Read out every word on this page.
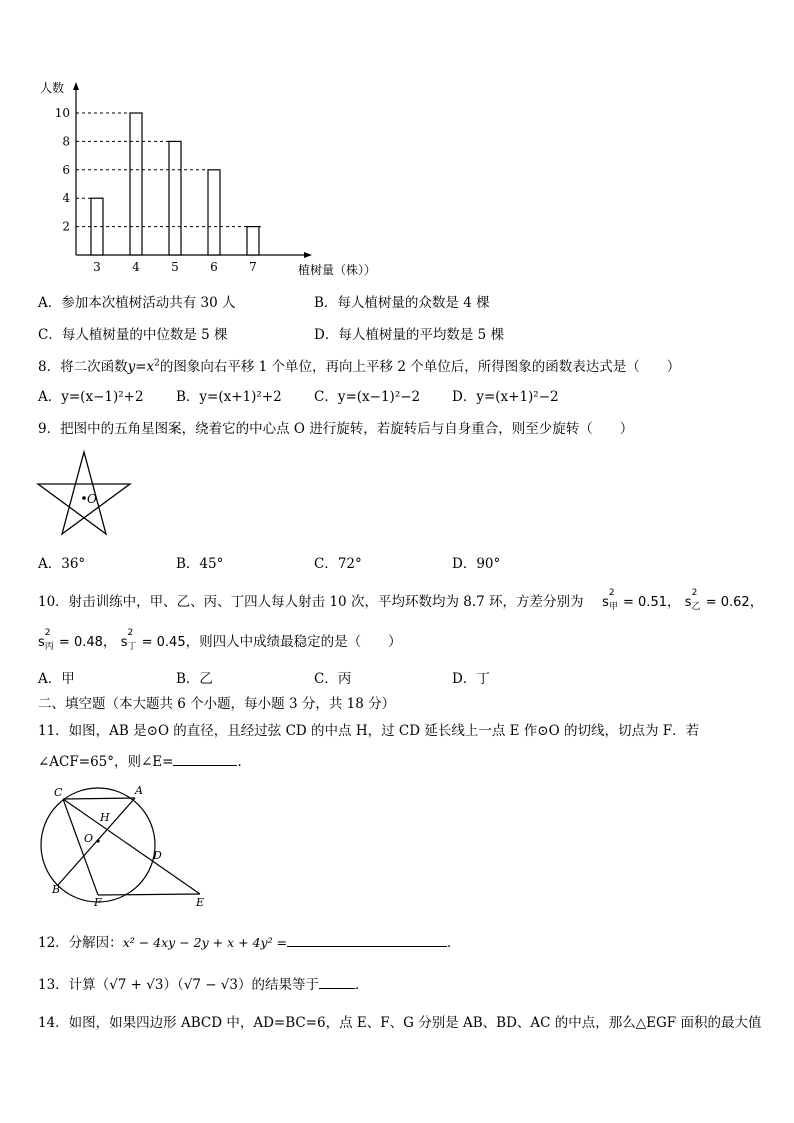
人数
植树量（株））
4
3
10
4
8
5
6
6
2
7
A．参加本次植树活动共有 30 人	B．每人植树量的众数是 4 棵
C．每人植树量的中位数是 5 棵	D．每人植树量的平均数是 5 棵
8．将二次函数$y=x^2$的图象向右平移 1 个单位，再向上平移 2 个单位后，所得图象的函数表达式是（　　）
A．y=(x−1)²+2 B．y=(x+1)²+2 C．y=(x−1)²−2 D．y=(x+1)²−2
9．把图中的五角星图案，绕着它的中心点 O 进行旋转，若旋转后与自身重合，则至少旋转（　　）
O
A．36°	B．45°	C．72°	D．90°
10．射击训练中，甲、乙、丙、丁四人每人射击 10 次，平均环数均为 8.7 环，方差分别为 s
2
甲 = 0.51， s
2
乙 = 0.62，
s
2
丙 = 0.48， s
2
丁 = 0.45，则四人中成绩最稳定的是（　　）
A．甲	B．乙	C．丙	D．丁
二、填空题（本大题共 6 个小题，每小题 3 分，共 18 分）
11．如图，AB 是⊙O 的直径，且经过弦 CD 的中点 H，过 CD 延长线上一点 E 作⊙O 的切线，切点为 F．若
∠ACF=65°，则∠E=	．
C	A
H
O
D
B
F	E
12．分解因：x² − 4xy − 2y + x + 4y² =	．
13．计算（√7 + √3）（√7 − √3）的结果等于	．
14．如图，如果四边形 ABCD 中，AD=BC=6，点 E、F、G 分别是 AB、BD、AC 的中点，那么△EGF 面积的最大值
